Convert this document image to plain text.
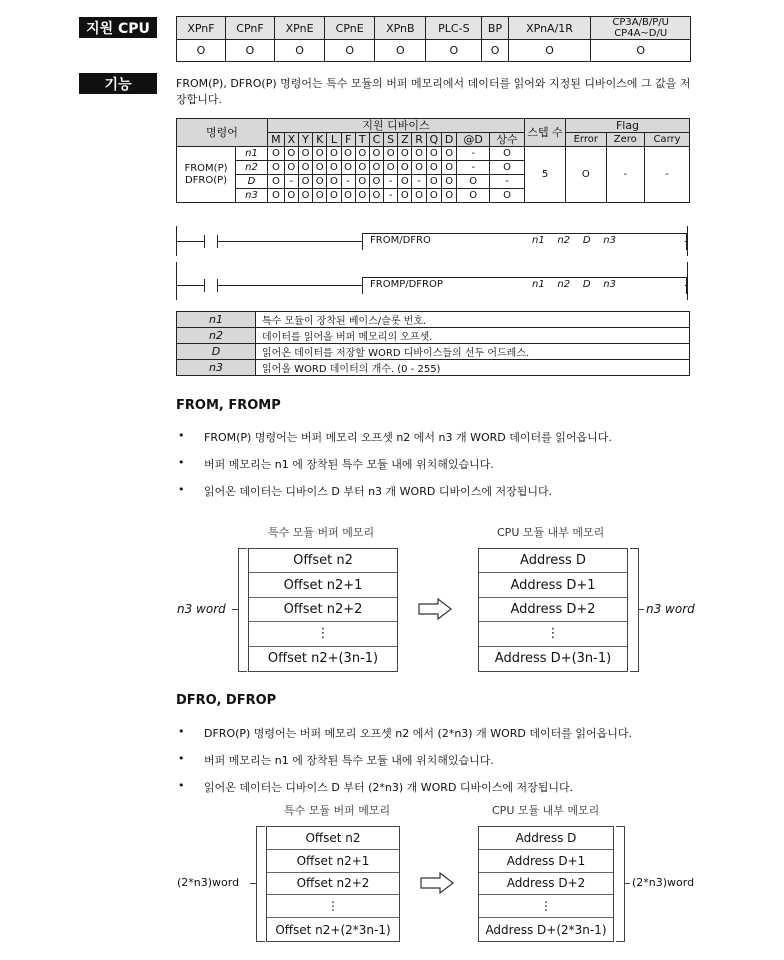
지원 CPU
기능
XPnF	CPnF	XPnE	CPnE	XPnB	PLC-S	BP	XPnA/1R	CP3A/B/P/U
CP4A~D/U
O	O	O	O	O	O	O	O	O
FROM(P), DFRO(P) 명령어는 특수 모듈의 버퍼 메모리에서 데이터를 읽어와 지정된 디바이스에 그 값을 저장합니다.
명령어		지원 디바이스															스텝 수	Flag		
		M	X	Y	K	L	F	T	C	S	Z	R	Q	D	@D	상수		Error	Zero	Carry
FROM(P)
DFRO(P)	n1	O	O	O	O	O	O	O	O	O	O	O	O	O	-	O	5	O	-	-
	n2	O	O	O	O	O	O	O	O	O	O	O	O	O	-	O				
	D	O	-	O	O	O	-	O	O	-	O	-	O	O	O	-				
	n3	O	O	O	O	O	O	O	O	-	O	O	O	O	O	O				
FROM/DFRO	n1    n2    D    n3
FROMP/DFROP	n1    n2    D    n3
n1	특수 모듈이 장착된 베이스/슬롯 번호.
n2	데이터를 읽어올 버퍼 메모리의 오프셋.
D	읽어온 데이터를 저장할 WORD 디바이스들의 선두 어드레스.
n3	읽어올 WORD 데이터의 개수. (0 - 255)
FROM, FROMP
• FROM(P) 명령어는 버퍼 메모리 오프셋 n2 에서 n3 개 WORD 데이터를 읽어옵니다.
• 버퍼 메모리는 n1 에 장착된 특수 모듈 내에 위치해있습니다.
• 읽어온 데이터는 디바이스 D 부터 n3 개 WORD 디바이스에 저장됩니다.
특수 모듈 버퍼 메모리	CPU 모듈 내부 메모리
Offset n2
Offset n2+1
Offset n2+2
⋮
Offset n2+(3n-1)
Address D
Address D+1
Address D+2
⋮
Address D+(3n-1)
n3 word	n3 word
DFRO, DFROP
• DFRO(P) 명령어는 버퍼 메모리 오프셋 n2 에서 (2*n3) 개 WORD 데이터를 읽어옵니다.
• 버퍼 메모리는 n1 에 장착된 특수 모듈 내에 위치해있습니다.
• 읽어온 데이터는 디바이스 D 부터 (2*n3) 개 WORD 디바이스에 저장됩니다.
특수 모듈 버퍼 메모리	CPU 모듈 내부 메모리
Offset n2
Offset n2+1
Offset n2+2
⋮
Offset n2+(2*3n-1)
Address D
Address D+1
Address D+2
⋮
Address D+(2*3n-1)
(2*n3)word	(2*n3)word
